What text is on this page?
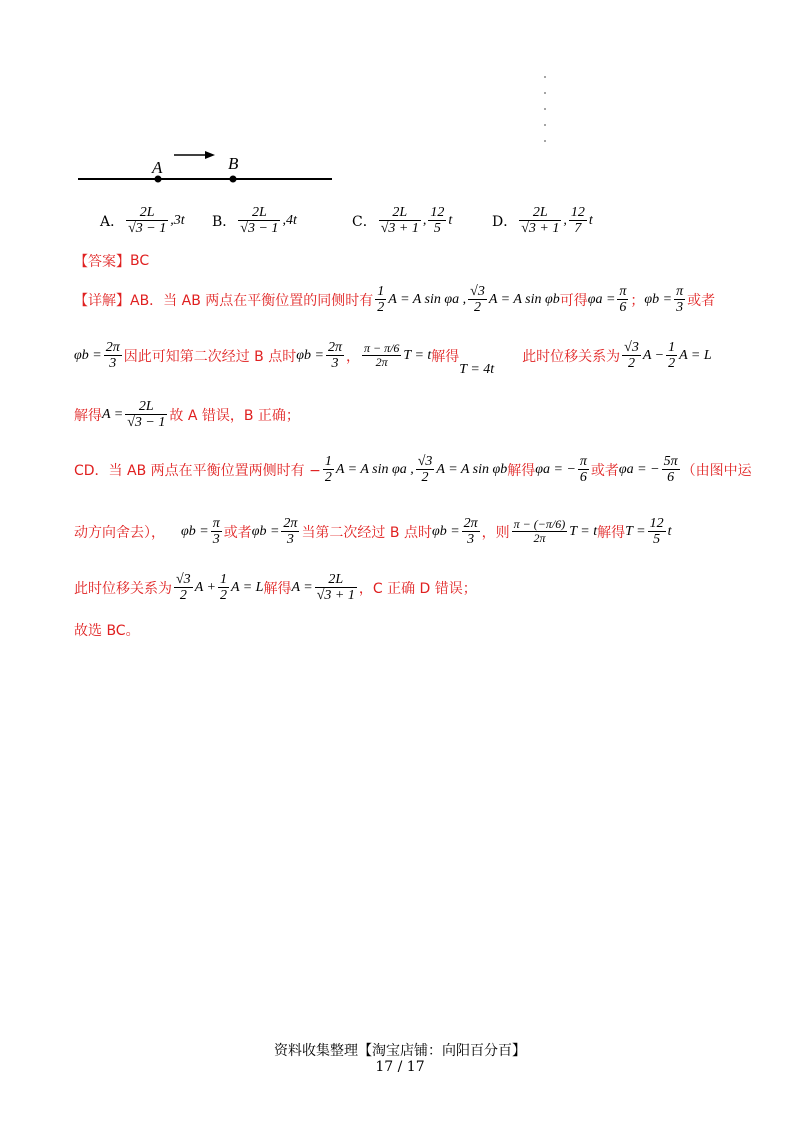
A	B
A． $\frac{2L}{√3 - 1} ,3t$ B． $\frac{2L}{√3 - 1} ,4t$	C． $\frac{2L}{√3 + 1}$ , $\frac{12}{5}$ t	D． $\frac{2L}{√3 + 1}$ , $\frac{12}{7}$ t
【答案】 BC
【详解】AB．当 AB 两点在平衡位置的同侧时有 $\frac{1}{2}$ A = A sin φa , $\frac{√3}{2}$ A = A sin φb 可得 $\varphi a = \frac{\pi}{6}$ ； $\varphi b = \frac{\pi}{3}$ 或者
$\varphi b = \frac{2\pi}{3}$ 因此可知第二次经过 B 点时 $\varphi b = \frac{2\pi}{3}$ ， $\frac{\pi - \pi/6}{2\pi}$ T = t 解得
T = 4t
此时位移关系为 $\frac{√3}{2}$ $A - \frac{1}{2}$ A = L
解得 $A = \frac{2L}{√3 - 1}$ 故 A 错误，B 正确；
CD．当 AB 两点在平衡位置两侧时有 − $\frac{1}{2}$ A = A sin φa , $\frac{√3}{2}$ A = A sin φb 解得 φa = − $\frac{\pi}{6}$ 或者 φa = − $\frac{5\pi}{6}$ （由图中运
动方向舍去）， $\varphi b = \frac{\pi}{3}$ 或者 $\varphi b = \frac{2\pi}{3}$ 当第二次经过 B 点时 $\varphi b = \frac{2\pi}{3}$ ，则 $\frac{\pi - (-\pi/6)}{2\pi}$ T = t 解得 $T = \frac{12}{5}$ t
此时位移关系为 $\frac{√3}{2}$ $A + \frac{1}{2}$ A = L 解得 $A = \frac{2L}{√3 + 1}$ ，C 正确 D 错误；
故选 BC。
资料收集整理【淘宝店铺：向阳百分百】
17 / 17
